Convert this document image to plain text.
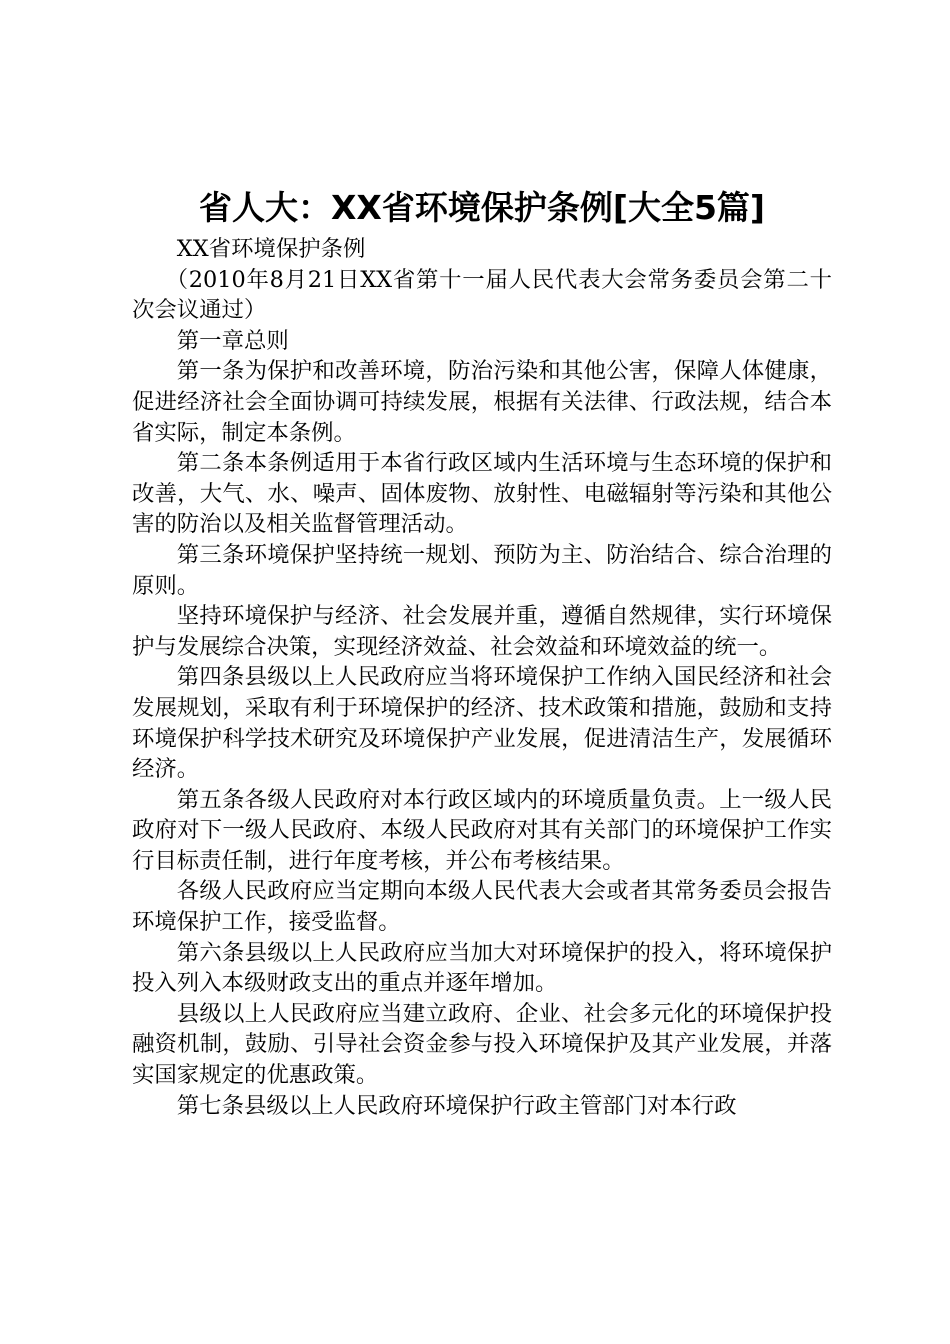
省人大：XX省环境保护条例[大全5篇]

XX省环境保护条例

（2010年8月21日XX省第十一届人民代表大会常务委员会第二十次会议通过）

第一章总则

第一条为保护和改善环境，防治污染和其他公害，保障人体健康，促进经济社会全面协调可持续发展，根据有关法律、行政法规，结合本省实际，制定本条例。

第二条本条例适用于本省行政区域内生活环境与生态环境的保护和改善，大气、水、噪声、固体废物、放射性、电磁辐射等污染和其他公害的防治以及相关监督管理活动。

第三条环境保护坚持统一规划、预防为主、防治结合、综合治理的原则。

坚持环境保护与经济、社会发展并重，遵循自然规律，实行环境保护与发展综合决策，实现经济效益、社会效益和环境效益的统一。

第四条县级以上人民政府应当将环境保护工作纳入国民经济和社会发展规划，采取有利于环境保护的经济、技术政策和措施，鼓励和支持环境保护科学技术研究及环境保护产业发展，促进清洁生产，发展循环经济。

第五条各级人民政府对本行政区域内的环境质量负责。上一级人民政府对下一级人民政府、本级人民政府对其有关部门的环境保护工作实行目标责任制，进行年度考核，并公布考核结果。

各级人民政府应当定期向本级人民代表大会或者其常务委员会报告环境保护工作，接受监督。

第六条县级以上人民政府应当加大对环境保护的投入，将环境保护投入列入本级财政支出的重点并逐年增加。

县级以上人民政府应当建立政府、企业、社会多元化的环境保护投融资机制，鼓励、引导社会资金参与投入环境保护及其产业发展，并落实国家规定的优惠政策。

第七条县级以上人民政府环境保护行政主管部门对本行政
